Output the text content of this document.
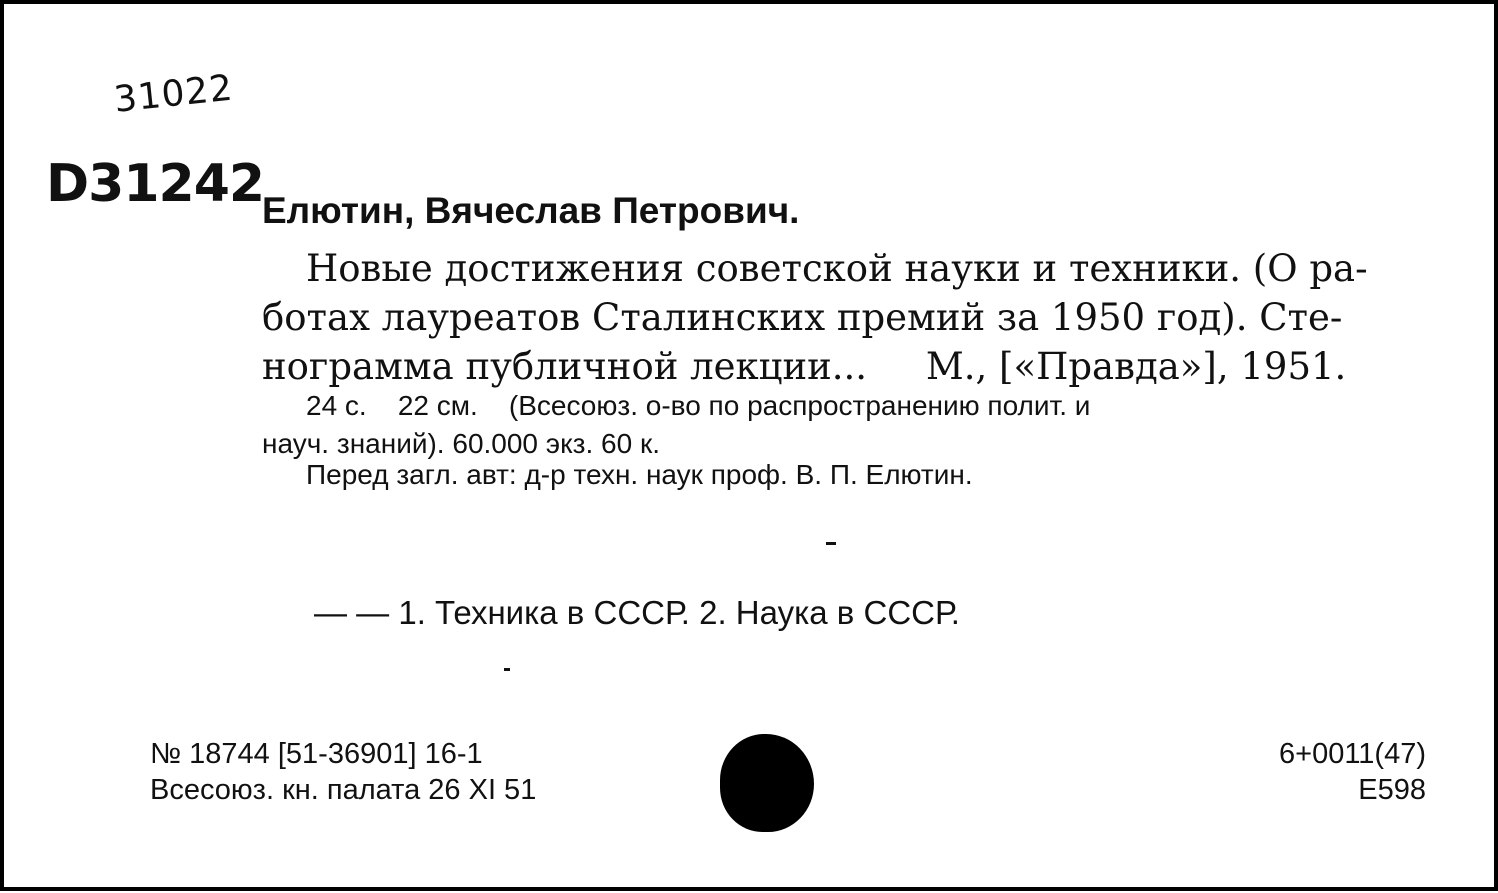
31022
D31242
Елютин, Вячеслав Петрович.
Новые достижения советской науки и техники. (О ра-
ботах лауреатов Сталинских премий за 1950 год). Сте-
нограмма публичной лекции...     М., [«Правда»], 1951.
24 с.    22 см.    (Всесоюз. о-во по распространению полит. и
науч. знаний). 60.000 экз. 60 к.
Перед загл. авт: д-р техн. наук проф. В. П. Елютин.
— — 1. Техника в СССР. 2. Наука в СССР.
№ 18744 [51-36901] 16-1
Всесоюз. кн. палата 26 XI 51
6+0011(47)
Е598
